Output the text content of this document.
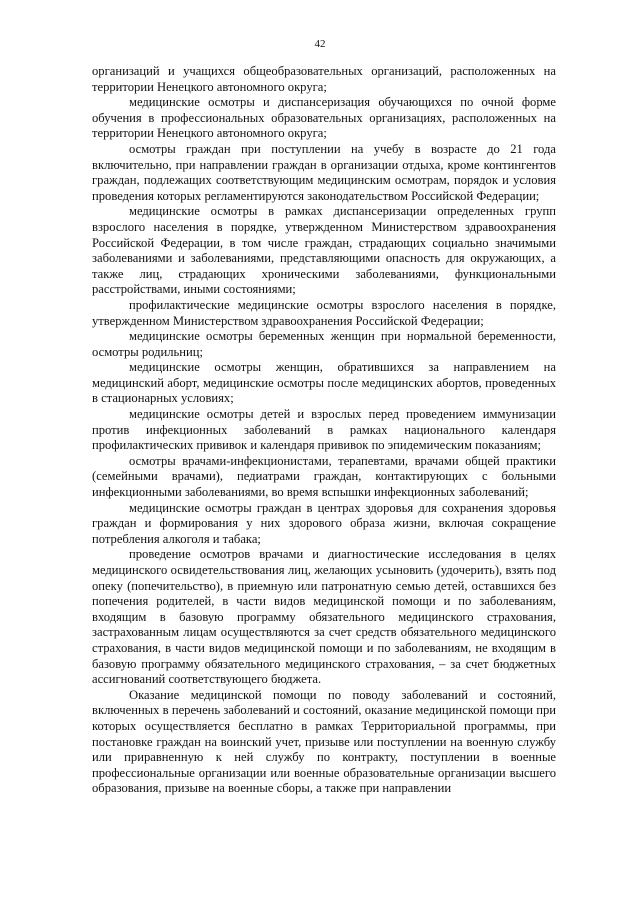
42

организаций и учащихся общеобразовательных организаций, расположенных на территории Ненецкого автономного округа;

медицинские осмотры и диспансеризация обучающихся по очной форме обучения в профессиональных образовательных организациях, расположенных на территории Ненецкого автономного округа;

осмотры граждан при поступлении на учебу в возрасте до 21 года включительно, при направлении граждан в организации отдыха, кроме контингентов граждан, подлежащих соответствующим медицинским осмотрам, порядок и условия проведения которых регламентируются законодательством Российской Федерации;

медицинские осмотры в рамках диспансеризации определенных групп взрослого населения в порядке, утвержденном Министерством здравоохранения Российской Федерации, в том числе граждан, страдающих социально значимыми заболеваниями и заболеваниями, представляющими опасность для окружающих, а также лиц, страдающих хроническими заболеваниями, функциональными расстройствами, иными состояниями;

профилактические медицинские осмотры взрослого населения в порядке, утвержденном Министерством здравоохранения Российской Федерации;

медицинские осмотры беременных женщин при нормальной беременности, осмотры родильниц;

медицинские осмотры женщин, обратившихся за направлением на медицинский аборт, медицинские осмотры после медицинских абортов, проведенных в стационарных условиях;

медицинские осмотры детей и взрослых перед проведением иммунизации против инфекционных заболеваний в рамках национального календаря профилактических прививок и календаря прививок по эпидемическим показаниям;

осмотры врачами-инфекционистами, терапевтами, врачами общей практики (семейными врачами), педиатрами граждан, контактирующих с больными инфекционными заболеваниями, во время вспышки инфекционных заболеваний;

медицинские осмотры граждан в центрах здоровья для сохранения здоровья граждан и формирования у них здорового образа жизни, включая сокращение потребления алкоголя и табака;

проведение осмотров врачами и диагностические исследования в целях медицинского освидетельствования лиц, желающих усыновить (удочерить), взять под опеку (попечительство), в приемную или патронатную семью детей, оставшихся без попечения родителей, в части видов медицинской помощи и по заболеваниям, входящим в базовую программу обязательного медицинского страхования, застрахованным лицам осуществляются за счет средств обязательного медицинского страхования, в части видов медицинской помощи и по заболеваниям, не входящим в базовую программу обязательного медицинского страхования, – за счет бюджетных ассигнований соответствующего бюджета.

Оказание медицинской помощи по поводу заболеваний и состояний, включенных в перечень заболеваний и состояний, оказание медицинской помощи при которых осуществляется бесплатно в рамках Территориальной программы, при постановке граждан на воинский учет, призыве или поступлении на военную службу или приравненную к ней службу по контракту, поступлении в военные профессиональные организации или военные образовательные организации высшего образования, призыве на военные сборы, а также при направлении
